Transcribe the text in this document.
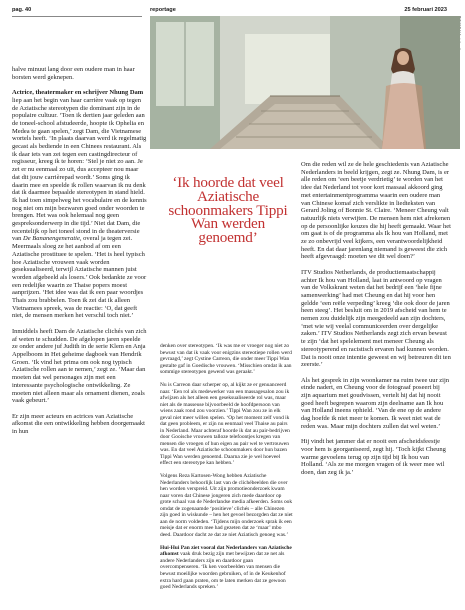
pag. 40	reportage	25 februari 2023
‘Ik hoorde dat veel Aziatische schoonmakers Tippi Wan werden genoemd’

halve minuut lang door een oudere man in haar borsten werd geknepen.

Actrice, theatermaker en schrijver Nhung Dam liep aan het begin van haar carrière vaak op tegen de Aziatische stereotypen die dominant zijn in de populaire cultuur. ‘Toen ik dertien jaar geleden aan de toneel-school afstudeerde, hoopte ik Ophelia en Medea te gaan spelen,’ zegt Dam, die Vietnamese wortels heeft. ‘In plaats daarvan werd ik regelmatig gecast als bediende in een Chinees restaurant. Als ik daar iets van zei tegen een castingdirecteur of regisseur, kreeg ik te horen: ‘Stel je niet zo aan. Je zet er nu eenmaal zo uit, dus accepteer nou maar dat dit jouw carrièrepad wordt.’ Soms ging ik daarin mee en speelde ik rollen waarvan ik nu denk dat ik daarmee bepaalde stereotypen in stand hield. Ik had toen simpelweg het vocabulaire en de kennis nog niet om mijn bezwaren goed onder woorden te brengen. Het was ook helemaal nog geen gespreksonderwerp in die tijd.’ Niet dat Dam, die recentelijk op het toneel stond in de theaterversie van De Bananengeneratie, overal ja tegen zei. Meermaals sloeg ze het aanbod af om een Aziatische prostituee te spelen. ‘Het is heel typisch hoe Aziatische vrouwen vaak worden geseksualiseerd, terwijl Aziatische mannen juist worden afgebeeld als losers.’ Ook bedankte ze voor een redelijke waarin ze Thaise popers moest aanprijzen. ‘Het idee was dat ik een paar woordjes Thais zou brabbelen. Toen ik zei dat ik alleen Vietnamees spreek, was de reactie: ‘O, dat geeft niet, de mensen merken het verschil toch niet.’

Inmiddels heeft Dam de Aziatische clichés van zich af weten te schudden. De afgelopen jaren speelde ze onder andere juf Judith in de serie Klem en Anja Appelboom in Het geheime dagboek van Hendrik Groen. ‘Ik vind het prima om ook nog typisch Aziatische rollen aan te nemen,’ zegt ze. ‘Maar dan moeten dat wel personages zijn met een interessante psychologische ontwikkeling. Ze moeten niet alleen maar als ornament dienen, zoals vaak gebeurt.’

Er zijn meer acteurs en actrices van Aziatische afkomst die een ontwikkeling hebben doorgemaakt in hun

denken over stereotypen. ‘Ik was me er vroeger nog niet zo bewust van dat ik vaak voor enigzins stereotiepe rollen werd gevraagd,’ zegt Cystine Carreon, die onder meer Tippi Wan gestalte gaf in Goedische vrouwen. ‘Misschien omdat ik aan sommige stereotypen gewend was geraakt.’

Nu is Carreon daar scherper op, al kijkt ze er genuanceerd naar. ‘Een rol als medewerker van een massagesalon zou ik afwijzen als het alleen een geseksualiseerde rol was, maar niet als de masseuse bijvoorbeeld de hoofdpersoon van wiens zaak rond zou voorzien.’ Tippi Wan zou ze in elk geval niet meer willen spelen. ‘Op het moment zelf vond ik dat geen probleem, er zijn nu eenmaal veel Thaise au pairs in Nederland. Maar achteraf hoorde ik dat au pair-bedrijven door Gooische vrouwen talloze telefoontjes kregen van mensen die vroegen of hun eigen au pair wel te vertrouwen was. En dat veel Aziatische schoonmakers door hun bazen Tippi Wan werden genoemd. Daarna zie je wel hoeveel effect een stereotype kan hebben.’

Volgens Reza Kartosen-Wong hebben Aziatische Nederlanders behoorlijk last van de clichébeelden die over hen worden verspreid. Uit zijn promotieonderzoek kwam naar voren dat Chinese jongeren zich mede daardoor op grote schaal van de Nederlandse media afkeerden. Soms ook omdat de zogenaamde ‘positieve’ clichés – alle Chinezen zijn goed in wiskunde – hen het gevoel bezorgden dat ze niet aan de norm voldeden. ‘Tijdens mijn onderzoek sprak ik een meisje dat er enorm mee had gezeten dat ze ‘maar’ mbo deed. Daardoor dacht ze dat ze niet Aziatisch genoeg was.’

Hui-Hui Pan ziet vooral dat Nederlanders van Aziatische afkomst vaak druk bezig zijn met bewijzen dat ze net als andere Nederlanders zijn en daardoor gaan overcompenseren. ‘Ik ken voorbeelden van mensen die bewust moeilijke woorden gebruiken, of in de Keukenhof extra hard gaan praten, om te laten merken dat ze gewoon goed Nederlands spreken.’

Om die reden wil ze de hele geschiedenis van Aziatische Nederlanders in beeld krijgen, zegt ze. Nhung Dam, is er alle reden om ‘een beetje verdrietig’ te worden van het idee dat Nederland tot voor kort massaal akkoord ging met entertainmentprogramma waarin een oudere man van Chinese komaf zich verslikte in liedteksten van Gerard Joling of Bonnie St. Claire. ‘Meneer Cheung valt natuurlijk niets verwijten. De mensen hem niet afrekenen op de persoonlijke keuzes die hij heeft gemaakt. Waar het om gaat is of de programma als Ik hou van Holland, met ze zo onbevrijd veel kijkers, een verantwoordelijkheid heeft. En dat daar jarenlang niemand is geweest die zich heeft afgevraagd: moeten we dit wel doen?’

ITV Studios Netherlands, de productiemaatschappij achter Ik hou van Holland, laat in antwoord op vragen van de Volkskrant weten dat het bedrijf een ‘hele fijne samenwerking’ had met Cheung en dat hij voor hen geldde ‘een reële verpeding’ kreeg ‘die ook door de jaren heen steeg’. Het besluit om in 2019 afscheid van hem te nemen zou duidelijk zijn meegedeeld aan zijn dochters, ‘met wie wij veelal communiceerden over dergelijke zaken.’ ITV Studios Netherlands zegt zich ervan bewust te zijn ‘dat het spelelement met meneer Cheung als stereotyperend en racistisch ervaren had kunnen worden. Dat is nooit onze intentie geweest en wij betreuren dit ten zeerste.’

Als het gesprek in zijn woonkamer na ruim twee uur zijn einde nadert, en Cheung voor de fotograaf poseert bij zijn aquarium met goudvissen, vertelt hij dat hij nooit goed heeft begrepen waarom zijn deelname aan Ik hou van Holland ineens ophield. ‘Van de ene op de andere dag hoefde ik niet meer te komen. Ik weet niet wat de reden was. Maar mijn dochters zullen dat wel weten.’

Hij vindt het jammer dat er nooit een afscheidsfeestje voor hem is georganiseerd, zegt hij. ‘Toch kijkt Cheung warme gevoelens terug op zijn tijd bij Ik hou van Holland. ‘Als ze me morgen vragen of ik weer mee wil doen, dan zeg ik ja.’
